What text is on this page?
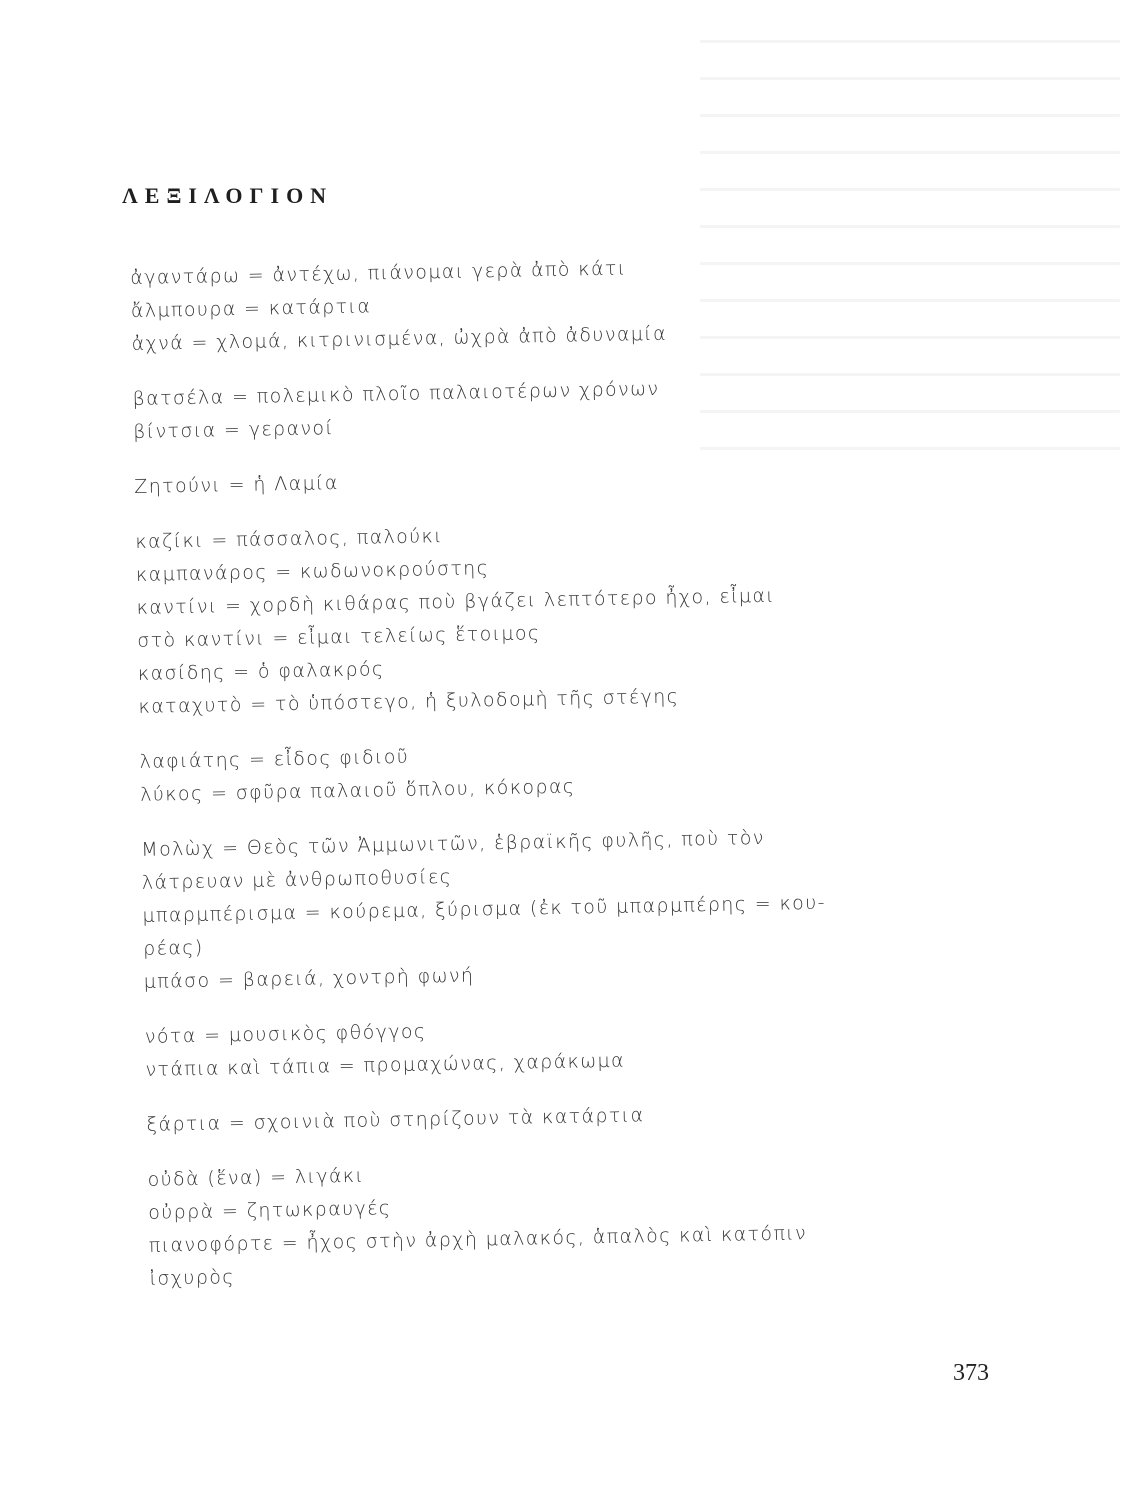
ΛΕΞΙΛΟΓΙΟΝ
ἀγαντάρω = ἀντέχω, πιάνομαι γερὰ ἀπὸ κάτι
ἄλμπουρα = κατάρτια
ἀχνά = χλομά, κιτρινισμένα, ὠχρὰ ἀπὸ ἀδυναμία
βατσέλα = πολεμικὸ πλοῖο παλαιοτέρων χρόνων
βίντσια = γερανοί
Ζητούνι = ἡ Λαμία
καζίκι = πάσσαλος, παλούκι
καμπανάρος = κωδωνοκρούστης
καντίνι = χορδὴ κιθάρας ποὺ βγάζει λεπτότερο ἦχο, εἶμαι
στὸ καντίνι = εἶμαι τελείως ἕτοιμος
κασίδης = ὁ φαλακρός
καταχυτὸ = τὸ ὑπόστεγο, ἡ ξυλοδομὴ τῆς στέγης
λαφιάτης = εἶδος φιδιοῦ
λύκος = σφῦρα παλαιοῦ ὅπλου, κόκορας
Μολὼχ = Θεὸς τῶν Ἀμμωνιτῶν, ἑβραϊκῆς φυλῆς, ποὺ τὸν
λάτρευαν μὲ ἀνθρωποθυσίες
μπαρμπέρισμα = κούρεμα, ξύρισμα (ἐκ τοῦ μπαρμπέρης = κου-
ρέας)
μπάσο = βαρειά, χοντρὴ φωνή
νότα = μουσικὸς φθόγγος
ντάπια καὶ τάπια = προμαχώνας, χαράκωμα
ξάρτια = σχοινιὰ ποὺ στηρίζουν τὰ κατάρτια
οὐδὰ (ἕνα) = λιγάκι
οὐρρὰ = ζητωκραυγές
πιανοφόρτε = ἦχος στὴν ἀρχὴ μαλακός, ἁπαλὸς καὶ κατόπιν
ἰσχυρὸς
373
